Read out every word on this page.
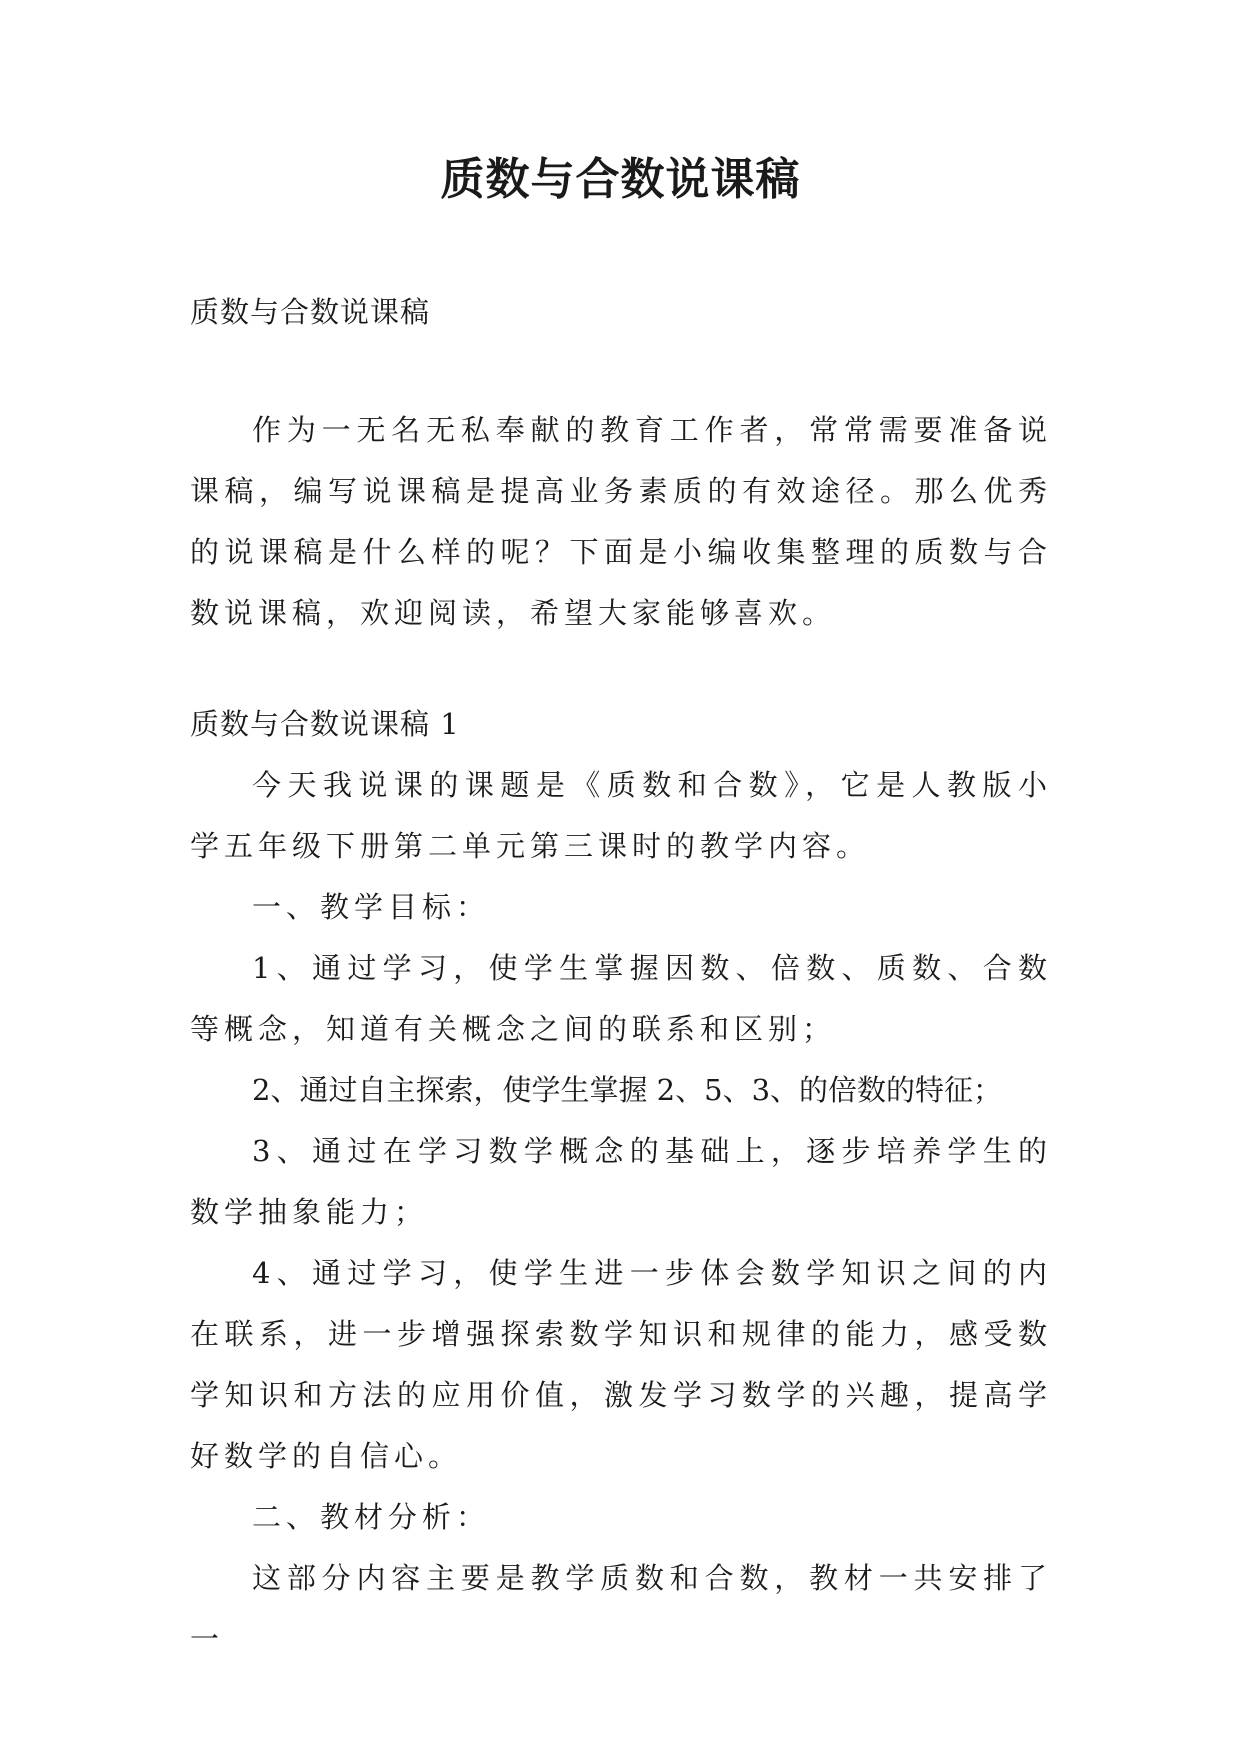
质数与合数说课稿
质数与合数说课稿

作为一无名无私奉献的教育工作者，常常需要准备说课稿，编写说课稿是提高业务素质的有效途径。那么优秀的说课稿是什么样的呢？下面是小编收集整理的质数与合数说课稿，欢迎阅读，希望大家能够喜欢。

质数与合数说课稿 1

今天我说课的课题是《质数和合数》，它是人教版小学五年级下册第二单元第三课时的教学内容。

一、教学目标：

1、通过学习，使学生掌握因数、倍数、质数、合数等概念，知道有关概念之间的联系和区别；

2、通过自主探索，使学生掌握 2、5、3、的倍数的特征；

3、通过在学习数学概念的基础上，逐步培养学生的数学抽象能力；

4、通过学习，使学生进一步体会数学知识之间的内在联系，进一步增强探索数学知识和规律的能力，感受数学知识和方法的应用价值，激发学习数学的兴趣，提高学好数学的自信心。

二、教材分析：

这部分内容主要是教学质数和合数，教材一共安排了一
